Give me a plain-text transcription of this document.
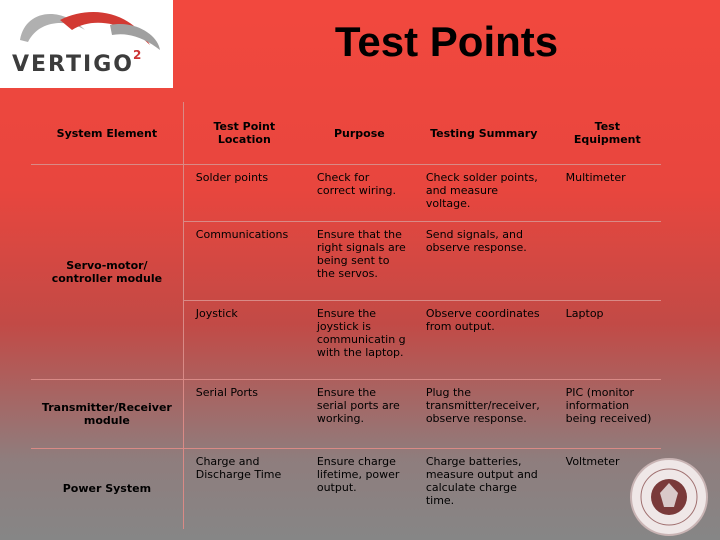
VERTIGO 2	Test Points
System Element	Test Point Location	Purpose	Testing Summary	Test Equipment
Servo-motor/ controller module	Solder points	Check for correct wiring.	Check solder points, and measure voltage.	Multimeter
	Communications	Ensure that the right signals are being sent to the servos.	Send signals, and observe response.	
	Joystick	Ensure the joystick is communicatin g with the laptop.	Observe coordinates from output.	Laptop
Transmitter/Receiver module	Serial Ports	Ensure the serial ports are working.	Plug the transmitter/receiver, observe response.	PIC (monitor information being received)
Power System	Charge and Discharge Time	Ensure charge lifetime, power output.	Charge batteries, measure output and calculate charge time.	Voltmeter
